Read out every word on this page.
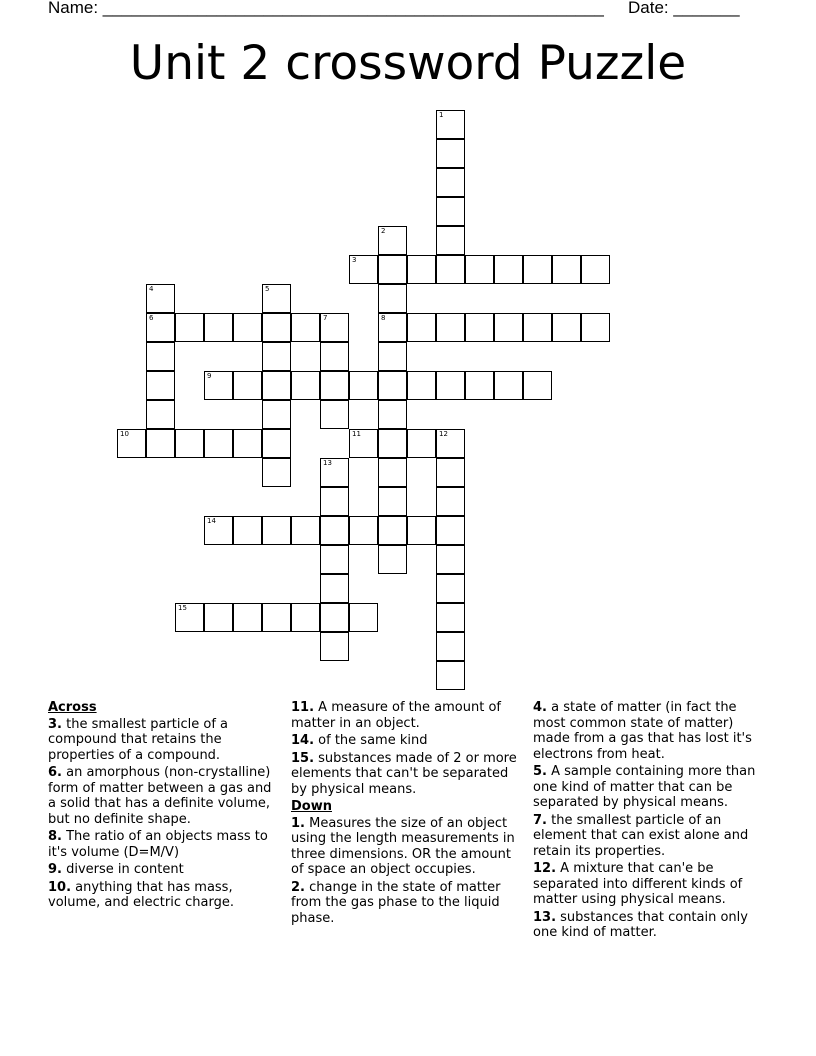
Name: _____________________________________________________ Date: _______
Unit 2 crossword Puzzle
1
2
3
4	5
6	7	8
9
10	11	12
13
14
15
Across

3. the smallest particle of a compound that retains the properties of a compound.

6. an amorphous (non-crystalline) form of matter between a gas and a solid that has a definite volume, but no definite shape.

8. The ratio of an objects mass to it's volume (D=M/V)

9. diverse in content

10. anything that has mass, volume, and electric charge.

11. A measure of the amount of matter in an object.

14. of the same kind

15. substances made of 2 or more elements that can't be separated by physical means.

Down

1. Measures the size of an object using the length measurements in three dimensions. OR the amount of space an object occupies.

2. change in the state of matter from the gas phase to the liquid phase.

4. a state of matter (in fact the most common state of matter) made from a gas that has lost it's electrons from heat.

5. A sample containing more than one kind of matter that can be separated by physical means.

7. the smallest particle of an element that can exist alone and retain its properties.

12. A mixture that can'e be separated into different kinds of matter using physical means.

13. substances that contain only one kind of matter.
